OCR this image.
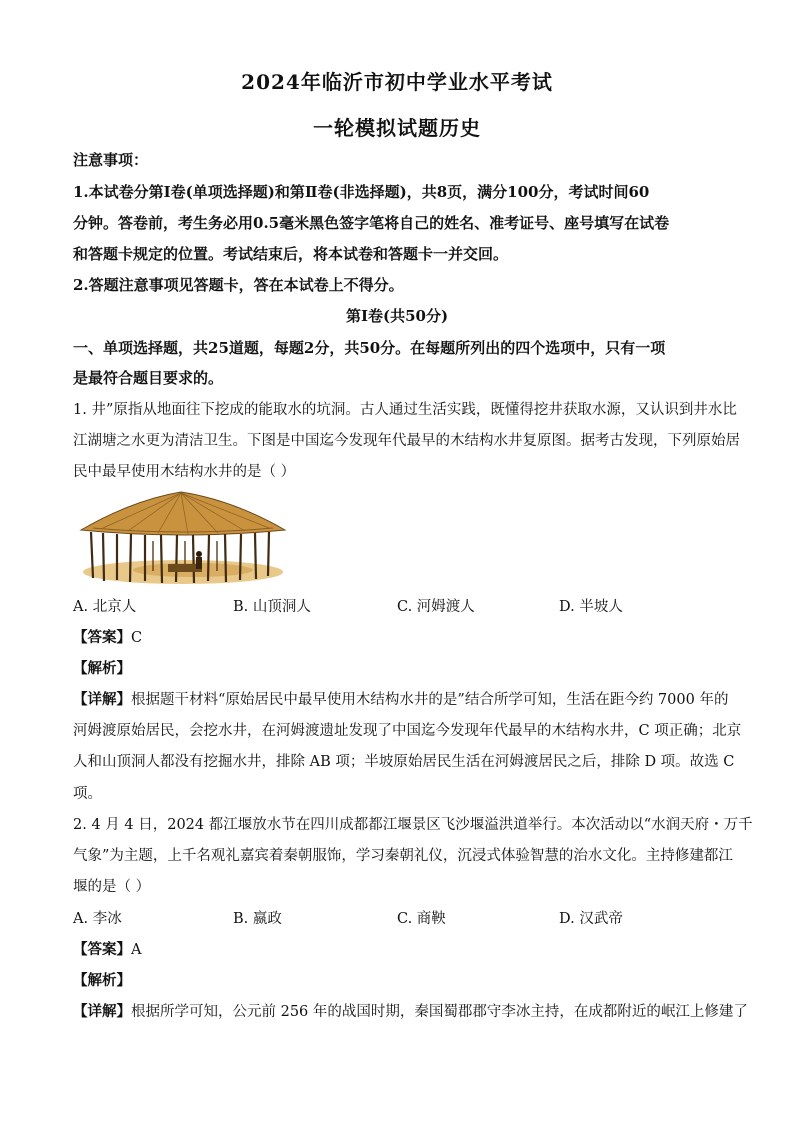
2024年临沂市初中学业水平考试
一轮模拟试题历史
注意事项：
1.本试卷分第Ⅰ卷(单项选择题)和第Ⅱ卷(非选择题)，共8页，满分100分，考试时间60
分钟。答卷前，考生务必用0.5毫米黑色签字笔将自己的姓名、准考证号、座号填写在试卷
和答题卡规定的位置。考试结束后，将本试卷和答题卡一并交回。
2.答题注意事项见答题卡，答在本试卷上不得分。
第Ⅰ卷(共50分)
一、单项选择题，共25道题，每题2分，共50分。在每题所列出的四个选项中，只有一项
是最符合题目要求的。
1. 井”原指从地面往下挖成的能取水的坑洞。古人通过生活实践，既懂得挖井获取水源，又认识到井水比
江湖塘之水更为清洁卫生。下图是中国迄今发现年代最早的木结构水井复原图。据考古发现，下列原始居
民中最早使用木结构水井的是（ ）
A. 北京人	B. 山顶洞人	C. 河姆渡人	D. 半坡人
【答案】C
【解析】
【详解】根据题干材料“原始居民中最早使用木结构水井的是”结合所学可知，生活在距今约 7000 年的
河姆渡原始居民，会挖水井，在河姆渡遗址发现了中国迄今发现年代最早的木结构水井，C 项正确；北京
人和山顶洞人都没有挖掘水井，排除 AB 项；半坡原始居民生活在河姆渡居民之后，排除 D 项。故选 C
项。
2. 4 月 4 日，2024 都江堰放水节在四川成都都江堰景区飞沙堰溢洪道举行。本次活动以“水润天府・万千
气象”为主题，上千名观礼嘉宾着秦朝服饰，学习秦朝礼仪，沉浸式体验智慧的治水文化。主持修建都江
堰的是（ ）
A. 李冰	B. 嬴政	C. 商鞅	D. 汉武帝
【答案】A
【解析】
【详解】根据所学可知，公元前 256 年的战国时期，秦国蜀郡郡守李冰主持，在成都附近的岷江上修建了
